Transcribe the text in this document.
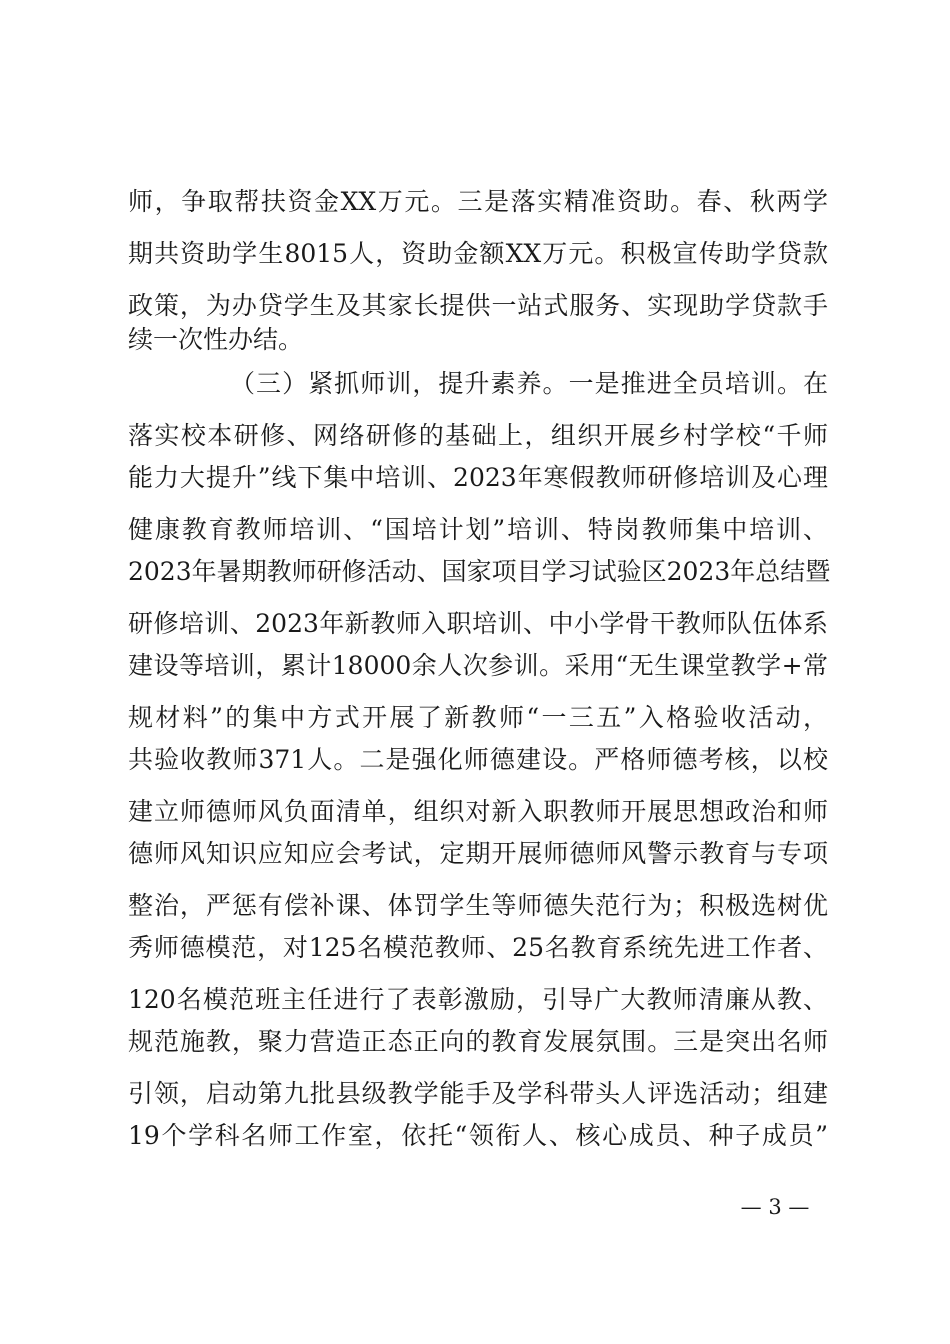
师，争取帮扶资金XX万元。三是落实精准资助。春、秋两学
期共资助学生8015人，资助金额XX万元。积极宣传助学贷款
政策，为办贷学生及其家长提供一站式服务、实现助学贷款手
续一次性办结。
（三）紧抓师训，提升素养。一是推进全员培训。在
落实校本研修、网络研修的基础上，组织开展乡村学校“千师
能力大提升”线下集中培训、2023年寒假教师研修培训及心理
健康教育教师培训、“国培计划”培训、特岗教师集中培训、
2023年暑期教师研修活动、国家项目学习试验区2023年总结暨
研修培训、2023年新教师入职培训、中小学骨干教师队伍体系
建设等培训，累计18000余人次参训。采用“无生课堂教学+常
规材料”的集中方式开展了新教师“一三五”入格验收活动，
共验收教师371人。二是强化师德建设。严格师德考核，以校
建立师德师风负面清单，组织对新入职教师开展思想政治和师
德师风知识应知应会考试，定期开展师德师风警示教育与专项
整治，严惩有偿补课、体罚学生等师德失范行为；积极选树优
秀师德模范，对125名模范教师、25名教育系统先进工作者、
120名模范班主任进行了表彰激励，引导广大教师清廉从教、
规范施教，聚力营造正态正向的教育发展氛围。三是突出名师
引领，启动第九批县级教学能手及学科带头人评选活动；组建
19个学科名师工作室，依托“领衔人、核心成员、种子成员”
— 3 —
